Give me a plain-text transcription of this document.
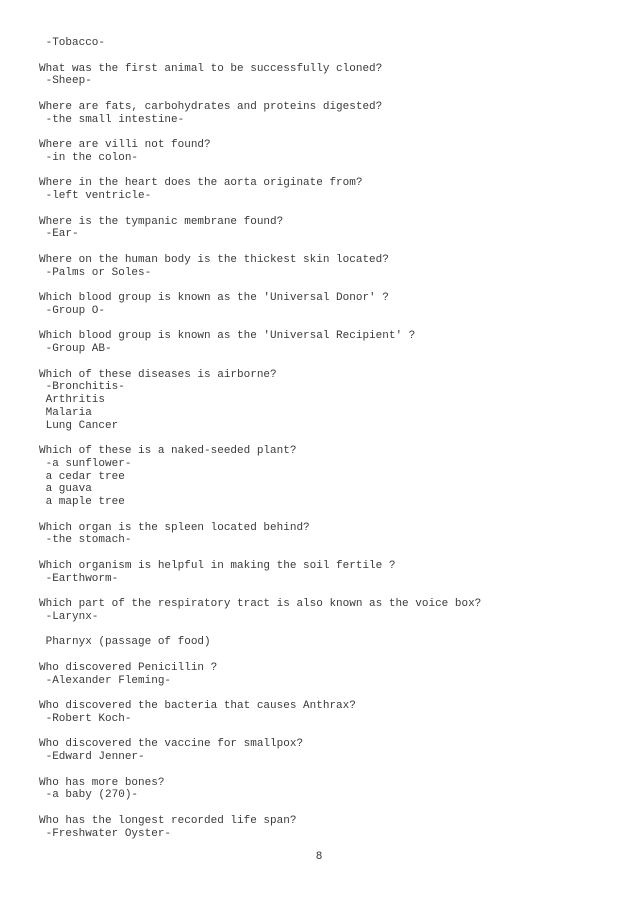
-Tobacco-
What was the first animal to be successfully cloned?
-Sheep-
Where are fats, carbohydrates and proteins digested?
-the small intestine-
Where are villi not found?
-in the colon-
Where in the heart does the aorta originate from?
-left ventricle-
Where is the tympanic membrane found?
-Ear-
Where on the human body is the thickest skin located?
-Palms or Soles-
Which blood group is known as the 'Universal Donor' ?
-Group O-
Which blood group is known as the 'Universal Recipient' ?
-Group AB-
Which of these diseases is airborne?
-Bronchitis-
Arthritis
Malaria
Lung Cancer
Which of these is a naked-seeded plant?
-a sunflower-
a cedar tree
a guava
a maple tree
Which organ is the spleen located behind?
-the stomach-
Which organism is helpful in making the soil fertile ?
-Earthworm-
Which part of the respiratory tract is also known as the voice box?
-Larynx-
Pharnyx (passage of food)
Who discovered Penicillin ?
-Alexander Fleming-
Who discovered the bacteria that causes Anthrax?
-Robert Koch-
Who discovered the vaccine for smallpox?
-Edward Jenner-
Who has more bones?
-a baby (270)-
Who has the longest recorded life span?
-Freshwater Oyster-
8
